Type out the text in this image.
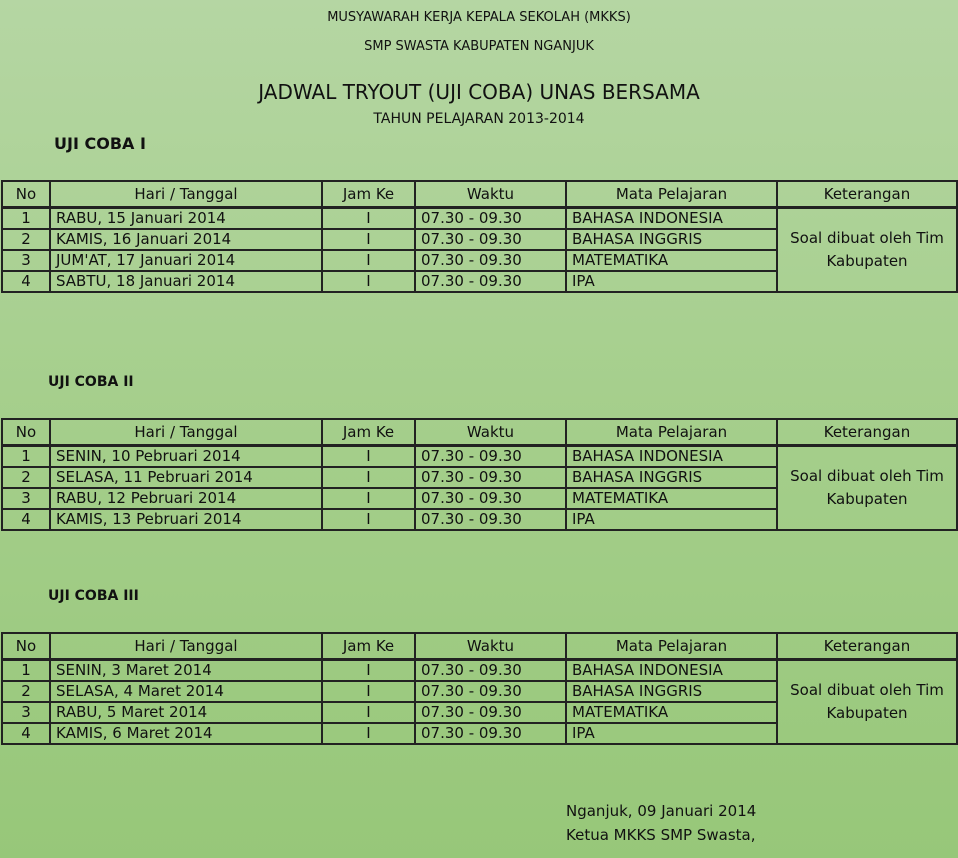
MUSYAWARAH KERJA KEPALA SEKOLAH (MKKS)
SMP SWASTA KABUPATEN NGANJUK
JADWAL TRYOUT (UJI COBA) UNAS BERSAMA
TAHUN PELAJARAN 2013-2014
UJI COBA I
No	Hari / Tanggal	Jam Ke	Waktu	Mata Pelajaran	Keterangan
1	RABU, 15 Januari 2014	I	07.30 - 09.30	BAHASA INDONESIA	Soal dibuat oleh Tim Kabupaten
2	KAMIS, 16 Januari 2014	I	07.30 - 09.30	BAHASA INGGRIS	
3	JUM'AT, 17 Januari 2014	I	07.30 - 09.30	MATEMATIKA	
4	SABTU, 18 Januari 2014	I	07.30 - 09.30	IPA	
UJI COBA II
No	Hari / Tanggal	Jam Ke	Waktu	Mata Pelajaran	Keterangan
1	SENIN, 10 Pebruari 2014	I	07.30 - 09.30	BAHASA INDONESIA	Soal dibuat oleh Tim Kabupaten
2	SELASA, 11 Pebruari 2014	I	07.30 - 09.30	BAHASA INGGRIS	
3	RABU, 12 Pebruari 2014	I	07.30 - 09.30	MATEMATIKA	
4	KAMIS, 13 Pebruari 2014	I	07.30 - 09.30	IPA	
UJI COBA III
No	Hari / Tanggal	Jam Ke	Waktu	Mata Pelajaran	Keterangan
1	SENIN, 3 Maret 2014	I	07.30 - 09.30	BAHASA INDONESIA	Soal dibuat oleh Tim Kabupaten
2	SELASA, 4 Maret 2014	I	07.30 - 09.30	BAHASA INGGRIS	
3	RABU, 5 Maret 2014	I	07.30 - 09.30	MATEMATIKA	
4	KAMIS, 6 Maret 2014	I	07.30 - 09.30	IPA	
Nganjuk, 09 Januari 2014
Ketua MKKS SMP Swasta,
